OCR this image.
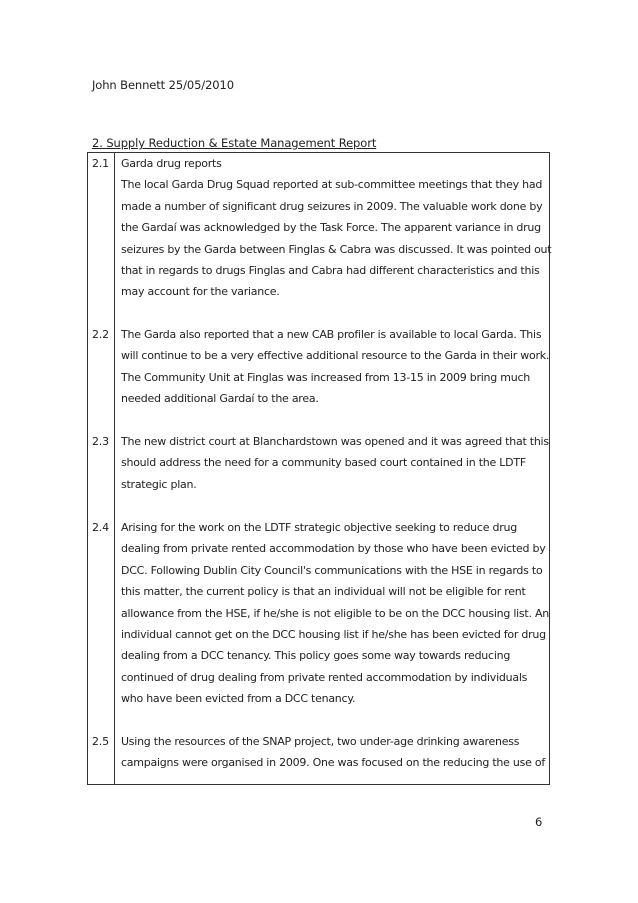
John Bennett 25/05/2010
2. Supply Reduction & Estate Management Report
2.1 Garda drug reports
The local Garda Drug Squad reported at sub-committee meetings that they had
made a number of significant drug seizures in 2009. The valuable work done by
the Gardaí was acknowledged by the Task Force. The apparent variance in drug
seizures by the Garda between Finglas & Cabra was discussed. It was pointed out
that in regards to drugs Finglas and Cabra had different characteristics and this
may account for the variance.
2.2 The Garda also reported that a new CAB profiler is available to local Garda. This
will continue to be a very effective additional resource to the Garda in their work.
The Community Unit at Finglas was increased from 13-15 in 2009 bring much
needed additional Gardaí to the area.
2.3 The new district court at Blanchardstown was opened and it was agreed that this
should address the need for a community based court contained in the LDTF
strategic plan.
2.4 Arising for the work on the LDTF strategic objective seeking to reduce drug
dealing from private rented accommodation by those who have been evicted by
DCC. Following Dublin City Council's communications with the HSE in regards to
this matter, the current policy is that an individual will not be eligible for rent
allowance from the HSE, if he/she is not eligible to be on the DCC housing list. An
individual cannot get on the DCC housing list if he/she has been evicted for drug
dealing from a DCC tenancy. This policy goes some way towards reducing
continued of drug dealing from private rented accommodation by individuals
who have been evicted from a DCC tenancy.
2.5 Using the resources of the SNAP project, two under-age drinking awareness
campaigns were organised in 2009. One was focused on the reducing the use of
6
